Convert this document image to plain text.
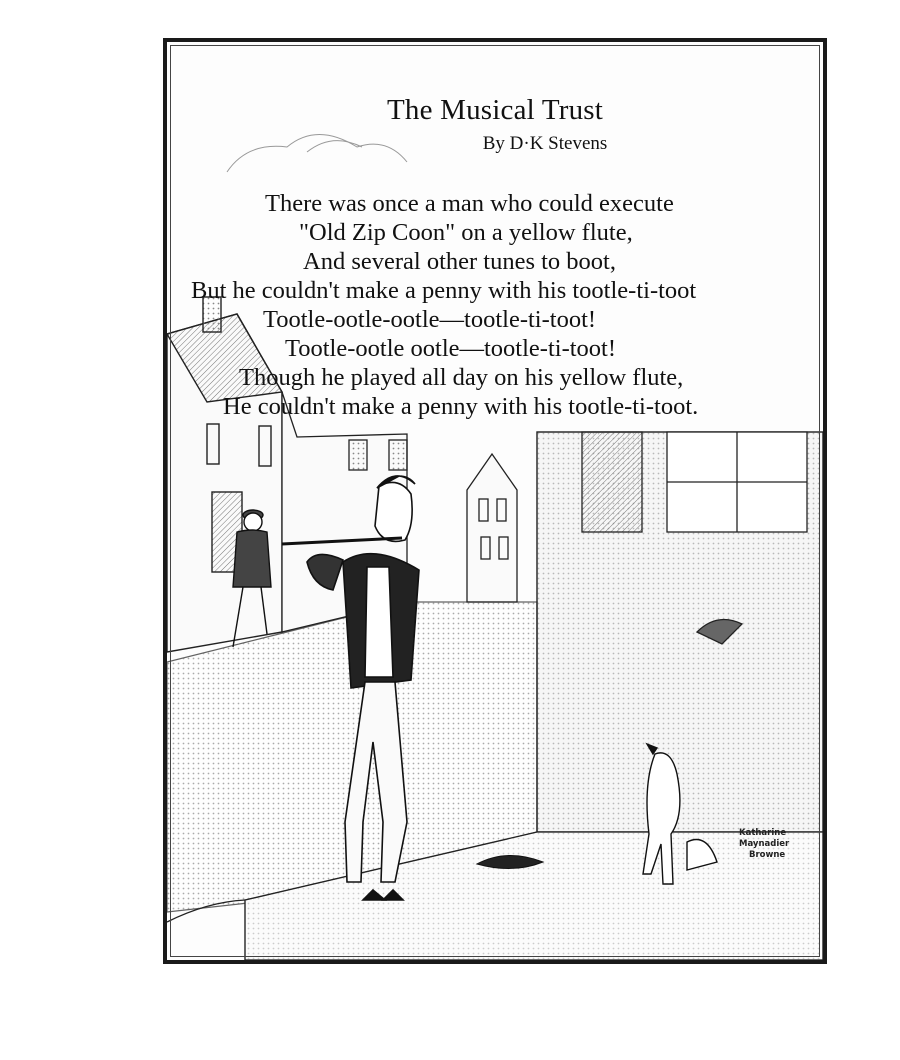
The Musical Trust
By D·K Stevens
There was once a man who could execute
"Old Zip Coon" on a yellow flute,
And several other tunes to boot,
But he couldn't make a penny with his tootle-ti-toot
Tootle-ootle-ootle—tootle-ti-toot!
Tootle-ootle ootle—tootle-ti-toot!
Though he played all day on his yellow flute,
He couldn't make a penny with his tootle-ti-toot.
Katharine
Maynadier
Browne
